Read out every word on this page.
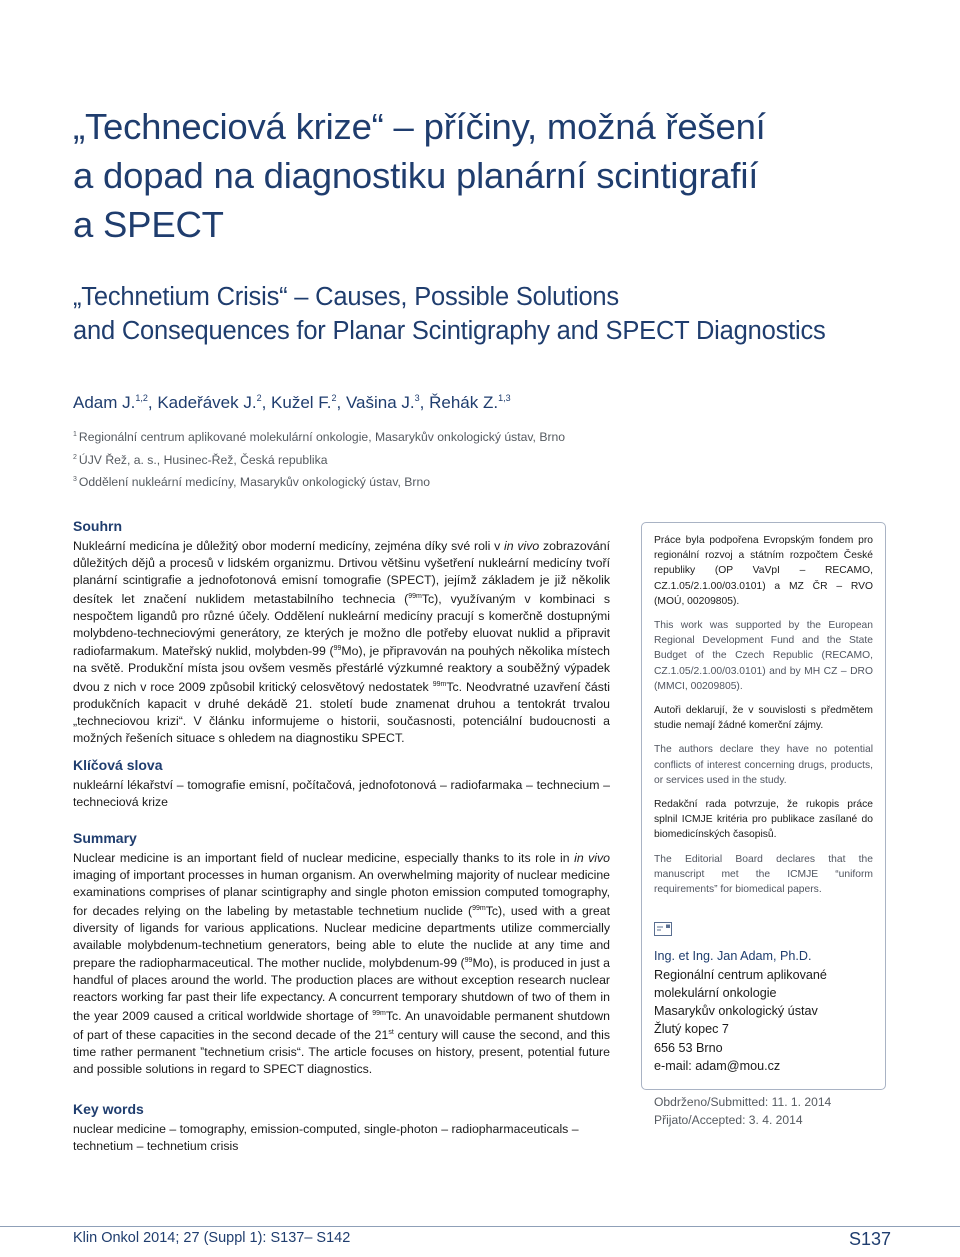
„Techneciová krize“ – příčiny, možná řešení
a dopad na diagnostiku planární scintigrafií
a SPECT
„Technetium Crisis“ – Causes, Possible Solutions
and Consequences for Planar Scintigraphy and SPECT Diagnostics
Adam J.$^{1,2}$, Kadeřávek J.$^2$, Kužel F.$^2$, Vašina J.$^3$, Řehák Z.$^{1,3}$
$^1$ Regionální centrum aplikované molekulární onkologie, Masarykův onkologický ústav, Brno
$^2$ ÚJV Řež, a. s., Husinec-Řež, Česká republika
$^3$ Oddělení nukleární medicíny, Masarykův onkologický ústav, Brno
Souhrn

Nukleární medicína je důležitý obor moderní medicíny, zejména díky své roli v in vivo zobrazování důležitých dějů a procesů v lidském organizmu. Drtivou většinu vyšetření nukleární medicíny tvoří planární scintigrafie a jednofotonová emisní tomografie (SPECT), jejímž základem je již několik desítek let značení nuklidem metastabilního technecia ($^{99m}$Tc), využívaným v kombinaci s nespočtem ligandů pro různé účely. Oddělení nukleární medicíny pracují s komerčně dostupnými molybdeno-techneciovými generátory, ze kterých je možno dle potřeby eluovat nuklid a připravit radiofarmakum. Mateřský nuklid, molybden-99 ($^{99}$Mo), je připravován na pouhých několika místech na světě. Produkční místa jsou ovšem vesměs přestárlé výzkumné reaktory a souběžný výpadek dvou z nich v roce 2009 způsobil kritický celosvětový nedostatek $^{99m}$Tc. Neodvratné uzavření části produkčních kapacit v druhé dekádě 21. století bude znamenat druhou a tentokrát trvalou „techneciovou krizi“. V článku informujeme o historii, současnosti, potenciální budoucnosti a možných řešeních situace s ohledem na diagnostiku SPECT.

Klíčová slova

nukleární lékařství – tomografie emisní, počítačová, jednofotonová – radiofarmaka – technecium – techneciová krize

Summary

Nuclear medicine is an important field of nuclear medicine, especially thanks to its role in in vivo imaging of important processes in human organism. An overwhelming majority of nuclear medicine examinations comprises of planar scintigraphy and single photon emission computed tomography, for decades relying on the labeling by metastable technetium nuclide ($^{99m}$Tc), used with a great diversity of ligands for various applications. Nuclear medicine departments utilize commercially available molybdenum-technetium generators, being able to elute the nuclide at any time and prepare the radiopharmaceutical. The mother nuclide, molybdenum-99 ($^{99}$Mo), is produced in just a handful of places around the world. The production places are without exception research nuclear reactors working far past their life expectancy. A concurrent temporary shutdown of two of them in the year 2009 caused a critical worldwide shortage of $^{99m}$Tc. An unavoidable permanent shutdown of part of these capacities in the second decade of the 21st century will cause the second, and this time rather permanent ˮtechnetium crisis“. The article focuses on history, present, potential future and possible solutions in regard to SPECT diagnostics.

Key words

nuclear medicine – tomography, emission-computed, single-photon – radiopharmaceuticals – technetium – technetium crisis

Práce byla podpořena Evropským fondem pro regionální rozvoj a státním rozpočtem České republiky (OP VaVpI – RECAMO, CZ.1.05/2.1.00/03.0101) a MZ ČR – RVO (MOÚ, 00209805).

This work was supported by the European Regional Development Fund and the State Budget of the Czech Republic (RECAMO, CZ.1.05/2.1.00/03.0101) and by MH CZ – DRO (MMCI, 00209805).

Autoři deklarují, že v souvislosti s předmětem studie nemají žádné komerční zájmy.

The authors declare they have no potential conflicts of interest concerning drugs, products, or services used in the study.

Redakční rada potvrzuje, že rukopis práce splnil ICMJE kritéria pro publikace zasílané do biomedicínských časopisů.

The Editorial Board declares that the manuscript met the ICMJE “uniform requirements” for biomedical papers.

Ing. et Ing. Jan Adam, Ph.D.
Regionální centrum aplikované
molekulární onkologie
Masarykův onkologický ústav
Žlutý kopec 7
656 53 Brno
e-mail: adam@mou.cz
Obdrženo/Submitted: 11. 1. 2014
Přijato/Accepted: 3. 4. 2014
Klin Onkol 2014; 27 (Suppl 1): S137– S142	S137
